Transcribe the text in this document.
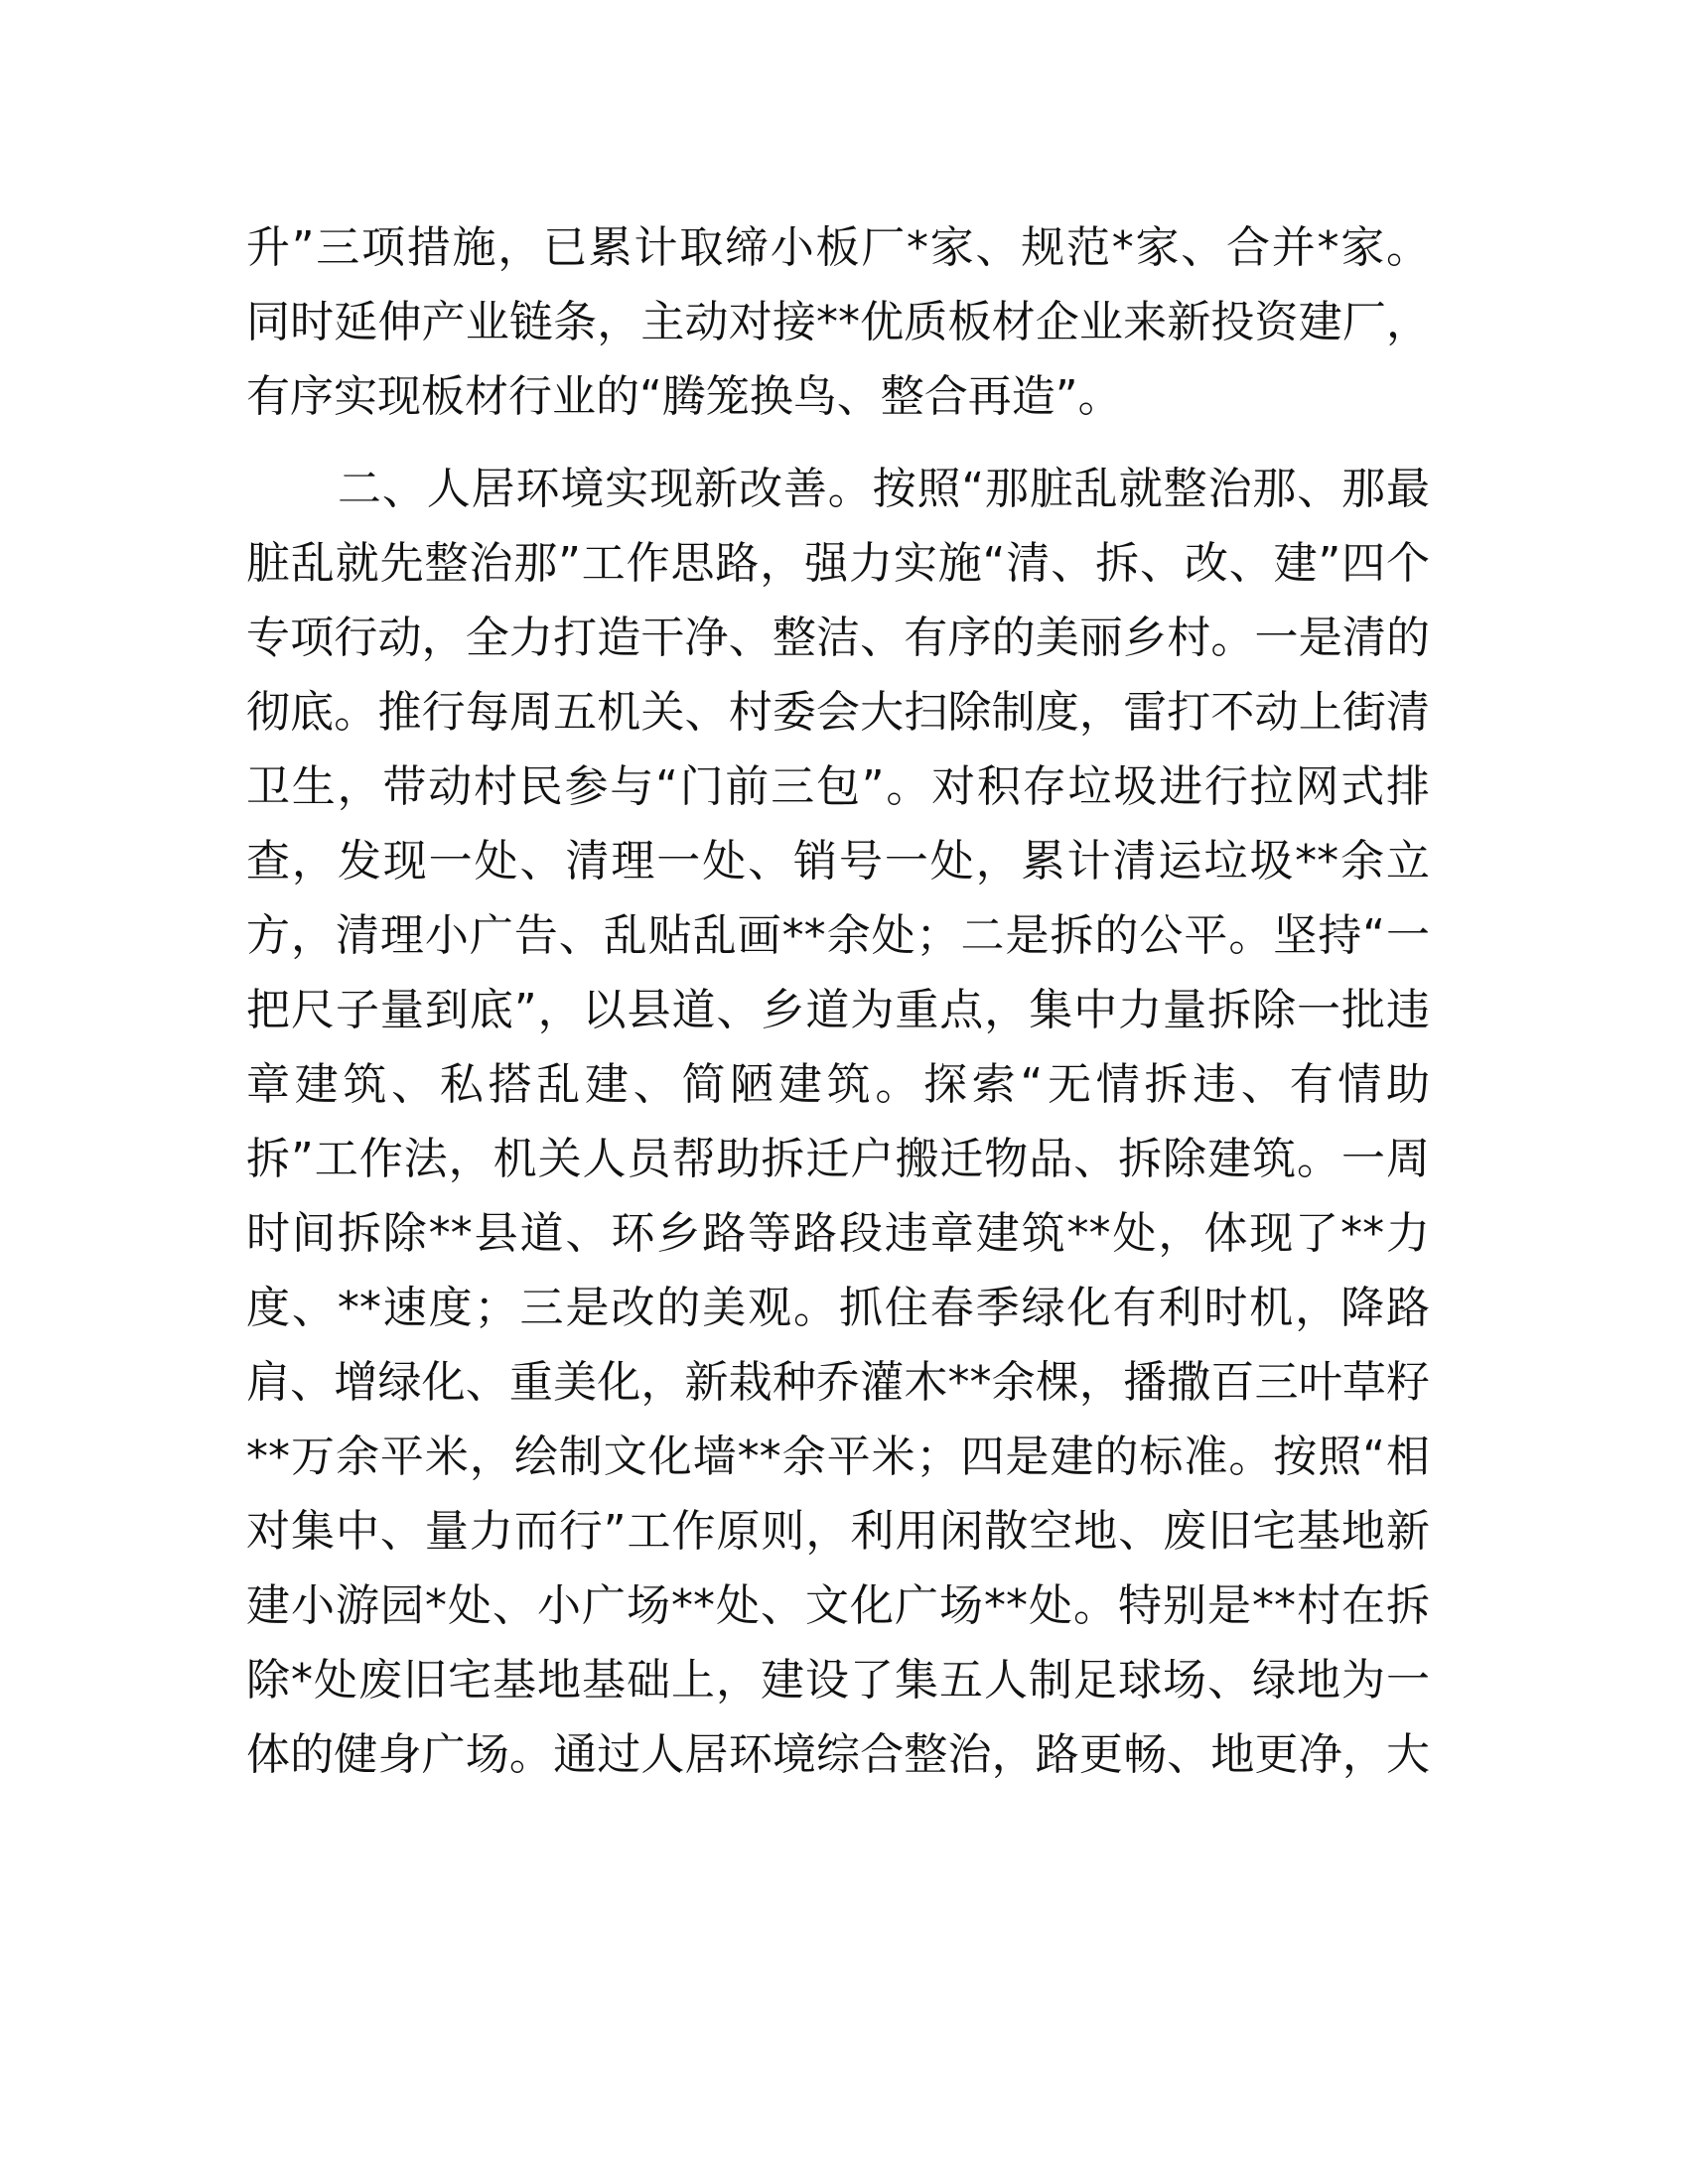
升”三项措施，已累计取缔小板厂*家、规范*家、合并*家。
同时延伸产业链条，主动对接**优质板材企业来新投资建厂，
有序实现板材行业的“腾笼换鸟、整合再造”。
二、人居环境实现新改善。按照“那脏乱就整治那、那最
脏乱就先整治那”工作思路，强力实施“清、拆、改、建”四个
专项行动，全力打造干净、整洁、有序的美丽乡村。一是清的
彻底。推行每周五机关、村委会大扫除制度，雷打不动上街清
卫生，带动村民参与“门前三包”。对积存垃圾进行拉网式排
查，发现一处、清理一处、销号一处，累计清运垃圾**余立
方，清理小广告、乱贴乱画**余处；二是拆的公平。坚持“一
把尺子量到底”，以县道、乡道为重点，集中力量拆除一批违
章建筑、私搭乱建、简陋建筑。探索“无情拆违、有情助
拆”工作法，机关人员帮助拆迁户搬迁物品、拆除建筑。一周
时间拆除**县道、环乡路等路段违章建筑**处，体现了**力
度、**速度；三是改的美观。抓住春季绿化有利时机，降路
肩、增绿化、重美化，新栽种乔灌木**余棵，播撒百三叶草籽
**万余平米，绘制文化墙**余平米；四是建的标准。按照“相
对集中、量力而行”工作原则，利用闲散空地、废旧宅基地新
建小游园*处、小广场**处、文化广场**处。特别是**村在拆
除*处废旧宅基地基础上，建设了集五人制足球场、绿地为一
体的健身广场。通过人居环境综合整治，路更畅、地更净，大
